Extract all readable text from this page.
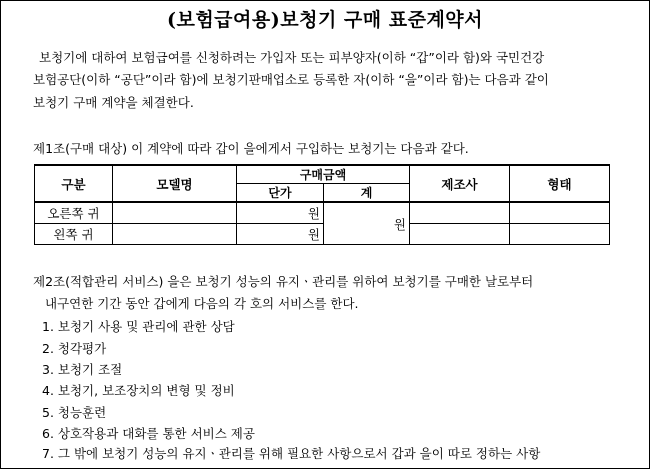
(보험급여용)보청기 구매 표준계약서
보청기에 대하여 보험급여를 신청하려는 가입자 또는 피부양자(이하 “갑”이라 함)와 국민건강
보험공단(이하 “공단”이라 함)에 보청기판매업소로 등록한 자(이하 “을”이라 함)는 다음과 같이
보청기 구매 계약을 체결한다.
제1조(구매 대상) 이 계약에 따라 갑이 을에게서 구입하는 보청기는 다음과 같다.
구분	모델명	구매금액		제조사	형태
		단가	계		
오른쪽 귀		원	원		
왼쪽 귀		원			
제2조(적합관리 서비스) 을은 보청기 성능의 유지ㆍ관리를 위하여 보청기를 구매한 날로부터
내구연한 기간 동안 갑에게 다음의 각 호의 서비스를 한다.
1. 보청기 사용 및 관리에 관한 상담
2. 청각평가
3. 보청기 조절
4. 보청기, 보조장치의 변형 및 정비
5. 청능훈련
6. 상호작용과 대화를 통한 서비스 제공
7. 그 밖에 보청기 성능의 유지ㆍ관리를 위해 필요한 사항으로서 갑과 을이 따로 정하는 사항
